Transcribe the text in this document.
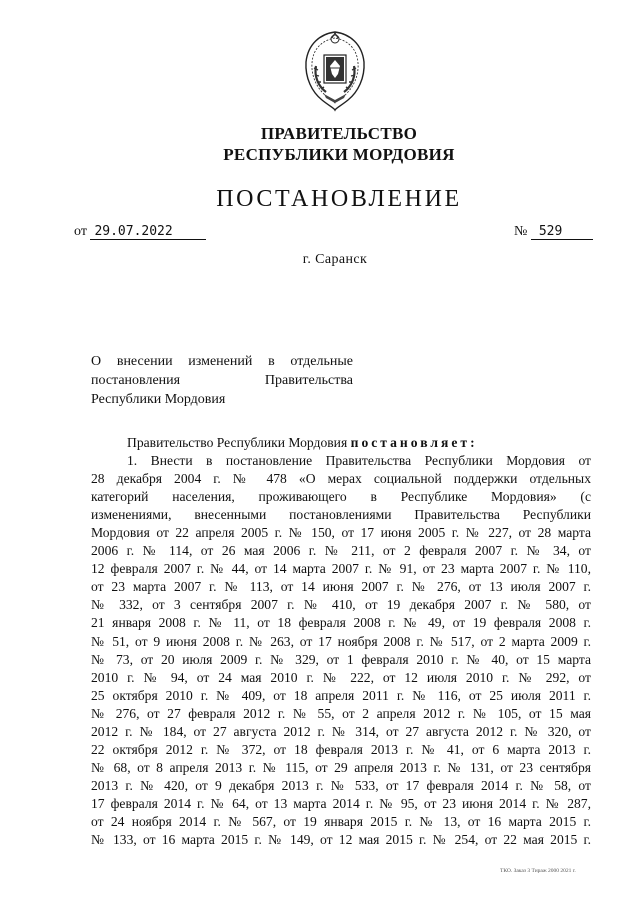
ПРАВИТЕЛЬСТВО
РЕСПУБЛИКИ МОРДОВИЯ
ПОСТАНОВЛЕНИЕ
от 29.07.2022	№ 529
г. Саранск
О внесении изменений в отдельные
постановления Правительства
Республики Мордовия
Правительство Республики Мордовия постановляет:
1. Внести в постановление Правительства Республики Мордовия от
28 декабря 2004 г. № 478 «О мерах социальной поддержки отдельных
категорий населения, проживающего в Республике Мордовия» (с
изменениями, внесенными постановлениями Правительства Республики
Мордовия от 22 апреля 2005 г. № 150, от 17 июня 2005 г. № 227, от 28 марта
2006 г. № 114, от 26 мая 2006 г. № 211, от 2 февраля 2007 г. № 34, от
12 февраля 2007 г. № 44, от 14 марта 2007 г. № 91, от 23 марта 2007 г. № 110,
от 23 марта 2007 г. № 113, от 14 июня 2007 г. № 276, от 13 июля 2007 г.
№ 332, от 3 сентября 2007 г. № 410, от 19 декабря 2007 г. № 580, от
21 января 2008 г. № 11, от 18 февраля 2008 г. № 49, от 19 февраля 2008 г.
№ 51, от 9 июня 2008 г. № 263, от 17 ноября 2008 г. № 517, от 2 марта 2009 г.
№ 73, от 20 июля 2009 г. № 329, от 1 февраля 2010 г. № 40, от 15 марта
2010 г. № 94, от 24 мая 2010 г. № 222, от 12 июля 2010 г. № 292, от
25 октября 2010 г. № 409, от 18 апреля 2011 г. № 116, от 25 июля 2011 г.
№ 276, от 27 февраля 2012 г. № 55, от 2 апреля 2012 г. № 105, от 15 мая
2012 г. № 184, от 27 августа 2012 г. № 314, от 27 августа 2012 г. № 320, от
22 октября 2012 г. № 372, от 18 февраля 2013 г. № 41, от 6 марта 2013 г.
№ 68, от 8 апреля 2013 г. № 115, от 29 апреля 2013 г. № 131, от 23 сентября
2013 г. № 420, от 9 декабря 2013 г. № 533, от 17 февраля 2014 г. № 58, от
17 февраля 2014 г. № 64, от 13 марта 2014 г. № 95, от 23 июня 2014 г. № 287,
от 24 ноября 2014 г. № 567, от 19 января 2015 г. № 13, от 16 марта 2015 г.
№ 133, от 16 марта 2015 г. № 149, от 12 мая 2015 г. № 254, от 22 мая 2015 г.
ТКО. Заказ 3 Тираж 2000 2021 г.
